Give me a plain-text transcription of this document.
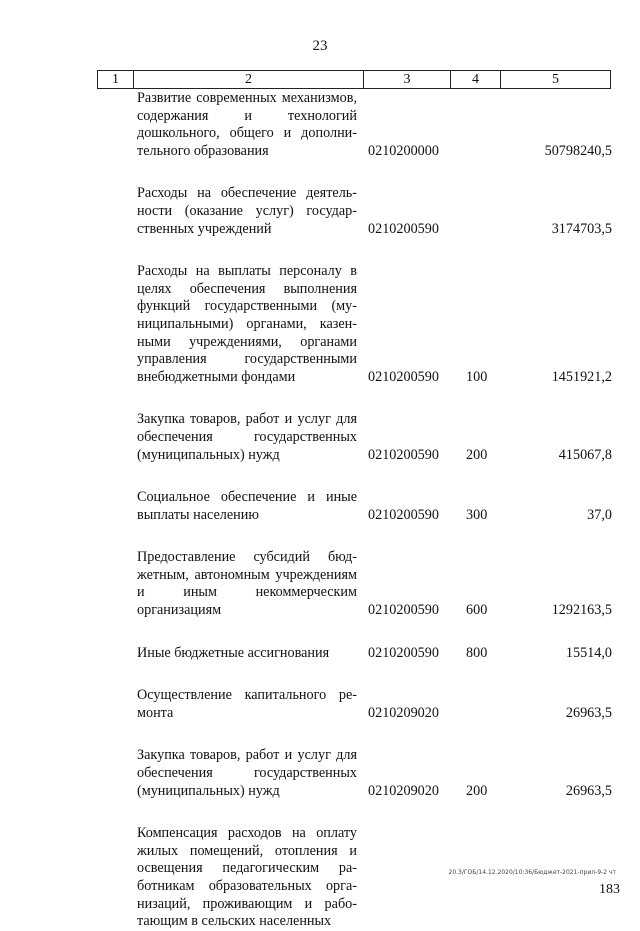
23
1	2	3	4	5
Развитие современных механизмов, содержания и технологий дошкольного, общего и дополнительного образования	0210200000	50798240,5
Расходы на обеспечение деятельности (оказание услуг) государственных учреждений	0210200590	3174703,5
Расходы на выплаты персоналу в целях обеспечения выполнения функций государственными (муниципальными) органами, казенными учреждениями, органами управления государственными внебюджетными фондами	0210200590 100	1451921,2
Закупка товаров, работ и услуг для обеспечения государственных (муниципальных) нужд	0210200590 200	415067,8
Социальное обеспечение и иные выплаты населению	0210200590 300	37,0
Предоставление субсидий бюджетным, автономным учреждениям и иным некоммерческим организациям	0210200590 600	1292163,5
Иные бюджетные ассигнования	0210200590 800	15514,0
Осуществление капитального ремонта	0210209020	26963,5
Закупка товаров, работ и услуг для обеспечения государственных (муниципальных) нужд	0210209020 200	26963,5
Компенсация расходов на оплату жилых помещений, отопления и освещения педагогическим работникам образовательных организаций, проживающим и работающим в сельских населенных
20.3/ГОБ/14.12.2020/10:36/Бюджет-2021-прил-9-2 чт
183
